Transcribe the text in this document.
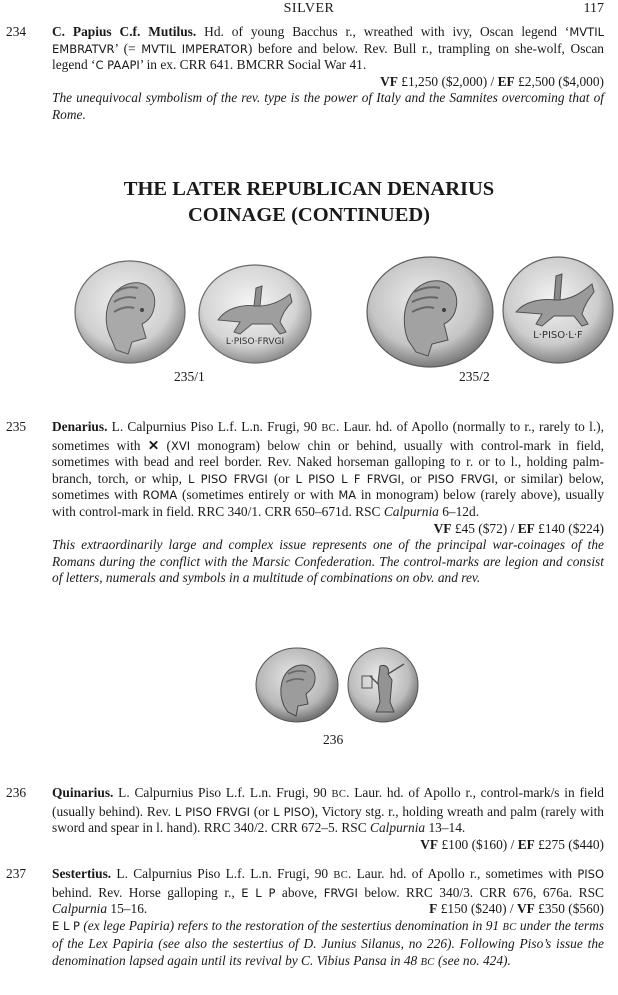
SILVER	117
234 C. Papius C.f. Mutilus. Hd. of young Bacchus r., wreathed with ivy, Oscan legend ‘MVTIL EMBRATVR’ (= MVTIL IMPERATOR) before and below. Rev. Bull r., trampling on she-wolf, Oscan legend ‘C PAAPI’ in ex. CRR 641. BMCRR Social War 41.
VF £1,250 ($2,000) / EF £2,500 ($4,000)
The unequivocal symbolism of the rev. type is the power of Italy and the Samnites overcoming that of Rome.
THE LATER REPUBLICAN DENARIUS
COINAGE (CONTINUED)
L·PISO·FRVGI
L·PISO·L·F
235/1	235/2
235 Denarius. L. Calpurnius Piso L.f. L.n. Frugi, 90 BC. Laur. hd. of Apollo (normally to r., rarely to l.), sometimes with ✕ (XVI monogram) below chin or behind, usually with control-mark in field, sometimes with bead and reel border. Rev. Naked horseman galloping to r. or to l., holding palm-branch, torch, or whip, L PISO FRVGI (or L PISO L F FRVGI, or PISO FRVGI, or similar) below, sometimes with ROMA (sometimes entirely or with MA in monogram) below (rarely above), usually with control-mark in field. RRC 340/1. CRR 650–671d. RSC Calpurnia 6–12d.
VF £45 ($72) / EF £140 ($224)
This extraordinarily large and complex issue represents one of the principal war-coinages of the Romans during the conflict with the Marsic Confederation. The control-marks are legion and consist of letters, numerals and symbols in a multitude of combinations on obv. and rev.
236
236 Quinarius. L. Calpurnius Piso L.f. L.n. Frugi, 90 BC. Laur. hd. of Apollo r., control-mark/s in field (usually behind). Rev. L PISO FRVGI (or L PISO), Victory stg. r., holding wreath and palm (rarely with sword and spear in l. hand). RRC 340/2. CRR 672–5. RSC Calpurnia 13–14.
VF £100 ($160) / EF £275 ($440)
237 Sestertius. L. Calpurnius Piso L.f. L.n. Frugi, 90 BC. Laur. hd. of Apollo r., sometimes with PISO behind. Rev. Horse galloping r., E L P above, FRVGI below. RRC 340/3. CRR 676, 676a. RSC Calpurnia 15–16.	F £150 ($240) / VF £350 ($560)
E L P (ex lege Papiria) refers to the restoration of the sestertius denomination in 91 BC under the terms of the Lex Papiria (see also the sestertius of D. Junius Silanus, no 226). Following Piso’s issue the denomination lapsed again until its revival by C. Vibius Pansa in 48 BC (see no. 424).
